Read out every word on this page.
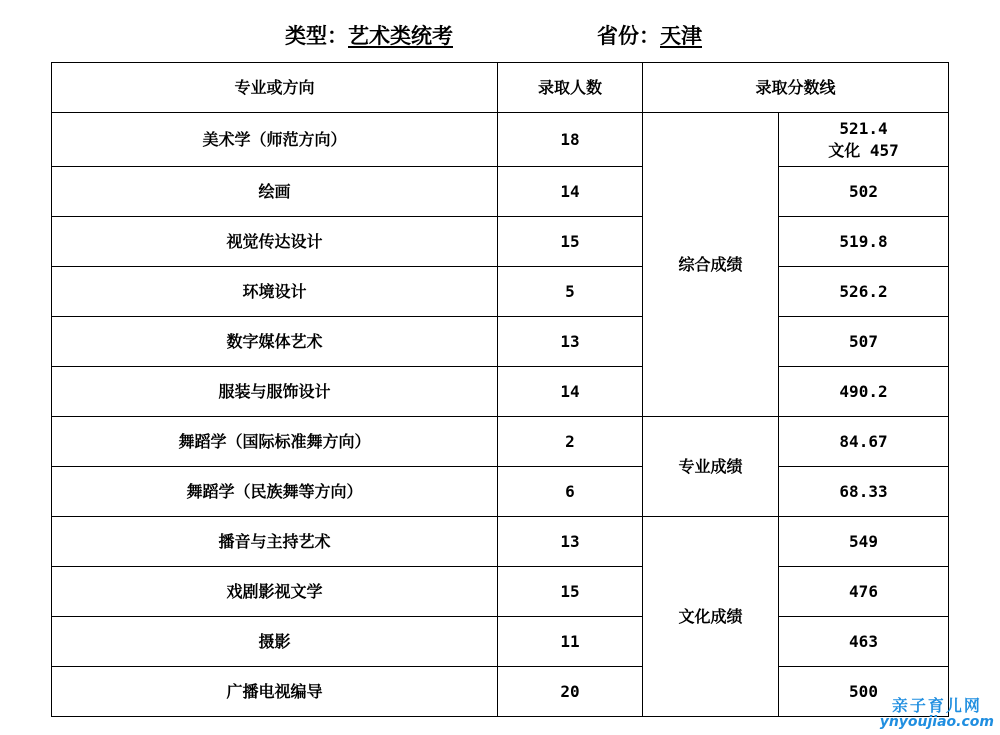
类型：艺术类统考	省份：天津
专业或方向	录取人数	录取分数线	
美术学（师范方向）	18	综合成绩	521.4
文化 457

绘画	14		502
视觉传达设计	15		519.8
环境设计	5		526.2
数字媒体艺术	13		507
服装与服饰设计	14		490.2
舞蹈学（国际标准舞方向）	2	专业成绩	84.67
舞蹈学（民族舞等方向）	6		68.33
播音与主持艺术	13	文化成绩	549
戏剧影视文学	15		476
摄影	11		463
广播电视编导	20		500
亲子育儿网
ynyoujiao.com
